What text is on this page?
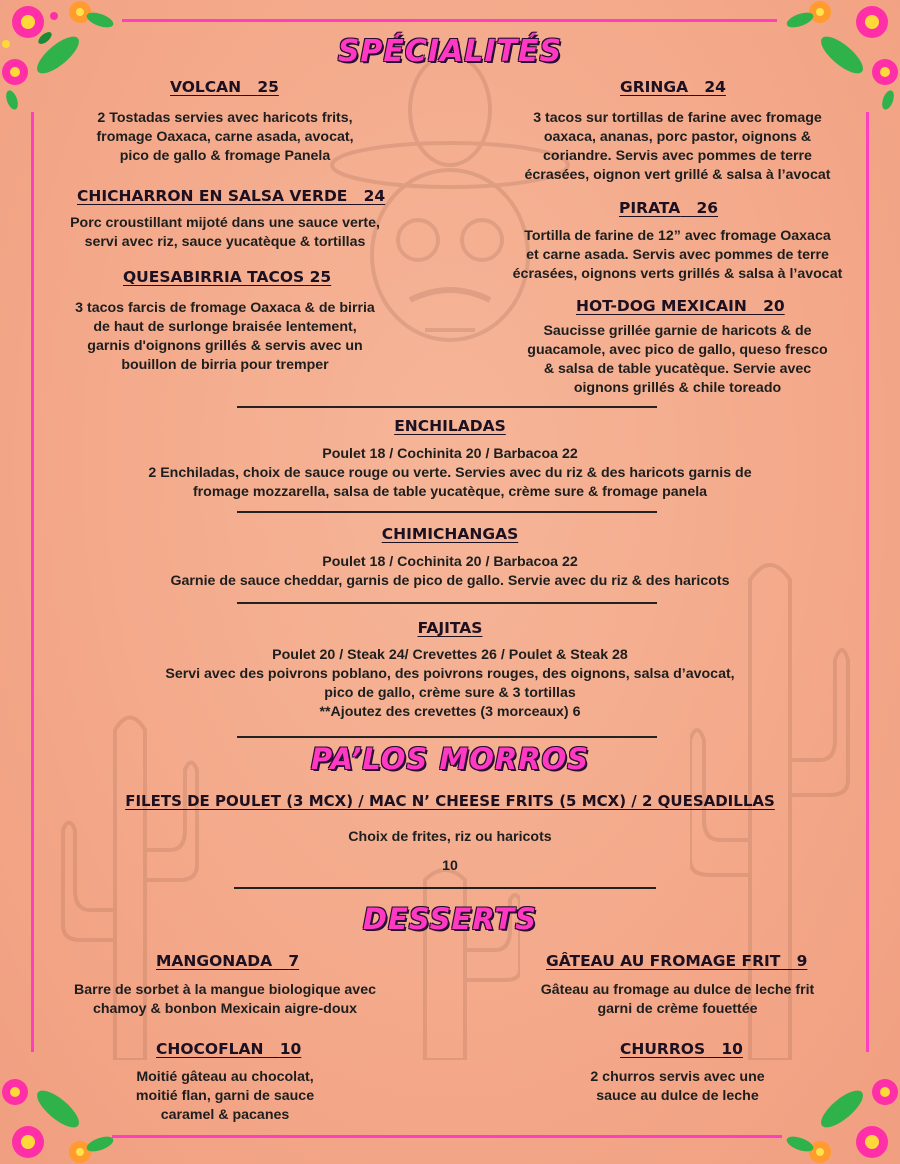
SPÉCIALITÉS
VOLCAN 25
2 Tostadas servies avec haricots frits,
fromage Oaxaca, carne asada, avocat,
pico de gallo & fromage Panela
GRINGA 24
3 tacos sur tortillas de farine avec fromage
oaxaca, ananas, porc pastor, oignons &
coriandre. Servis avec pommes de terre
écrasées, oignon vert grillé & salsa à l’avocat
CHICHARRON EN SALSA VERDE 24
Porc croustillant mijoté dans une sauce verte,
servi avec riz, sauce yucatèque & tortillas
PIRATA 26
Tortilla de farine de 12” avec fromage Oaxaca
et carne asada. Servis avec pommes de terre
écrasées, oignons verts grillés & salsa à l’avocat
QUESABIRRIA TACOS 25
3 tacos farcis de fromage Oaxaca & de birria
de haut de surlonge braisée lentement,
garnis d'oignons grillés & servis avec un
bouillon de birria pour tremper
HOT-DOG MEXICAIN 20
Saucisse grillée garnie de haricots & de
guacamole, avec pico de gallo, queso fresco
& salsa de table yucatèque. Servie avec
oignons grillés & chile toreado
ENCHILADAS
Poulet 18 / Cochinita 20 / Barbacoa 22
2 Enchiladas, choix de sauce rouge ou verte. Servies avec du riz & des haricots garnis de
fromage mozzarella, salsa de table yucatèque, crème sure & fromage panela
CHIMICHANGAS
Poulet 18 / Cochinita 20 / Barbacoa 22
Garnie de sauce cheddar, garnis de pico de gallo. Servie avec du riz & des haricots
FAJITAS
Poulet 20 / Steak 24/ Crevettes 26 / Poulet & Steak 28
Servi avec des poivrons poblano, des poivrons rouges, des oignons, salsa d’avocat,
pico de gallo, crème sure & 3 tortillas
**Ajoutez des crevettes (3 morceaux) 6
PA’LOS MORROS
FILETS DE POULET (3 MCX) / MAC N’ CHEESE FRITS (5 MCX) / 2 QUESADILLAS
Choix de frites, riz ou haricots
10
DESSERTS
MANGONADA 7
Barre de sorbet à la mangue biologique avec
chamoy & bonbon Mexicain aigre-doux
GÂTEAU AU FROMAGE FRIT 9
Gâteau au fromage au dulce de leche frit
garni de crème fouettée
CHOCOFLAN 10
Moitié gâteau au chocolat,
moitié flan, garni de sauce
caramel & pacanes
CHURROS 10
2 churros servis avec une
sauce au dulce de leche
